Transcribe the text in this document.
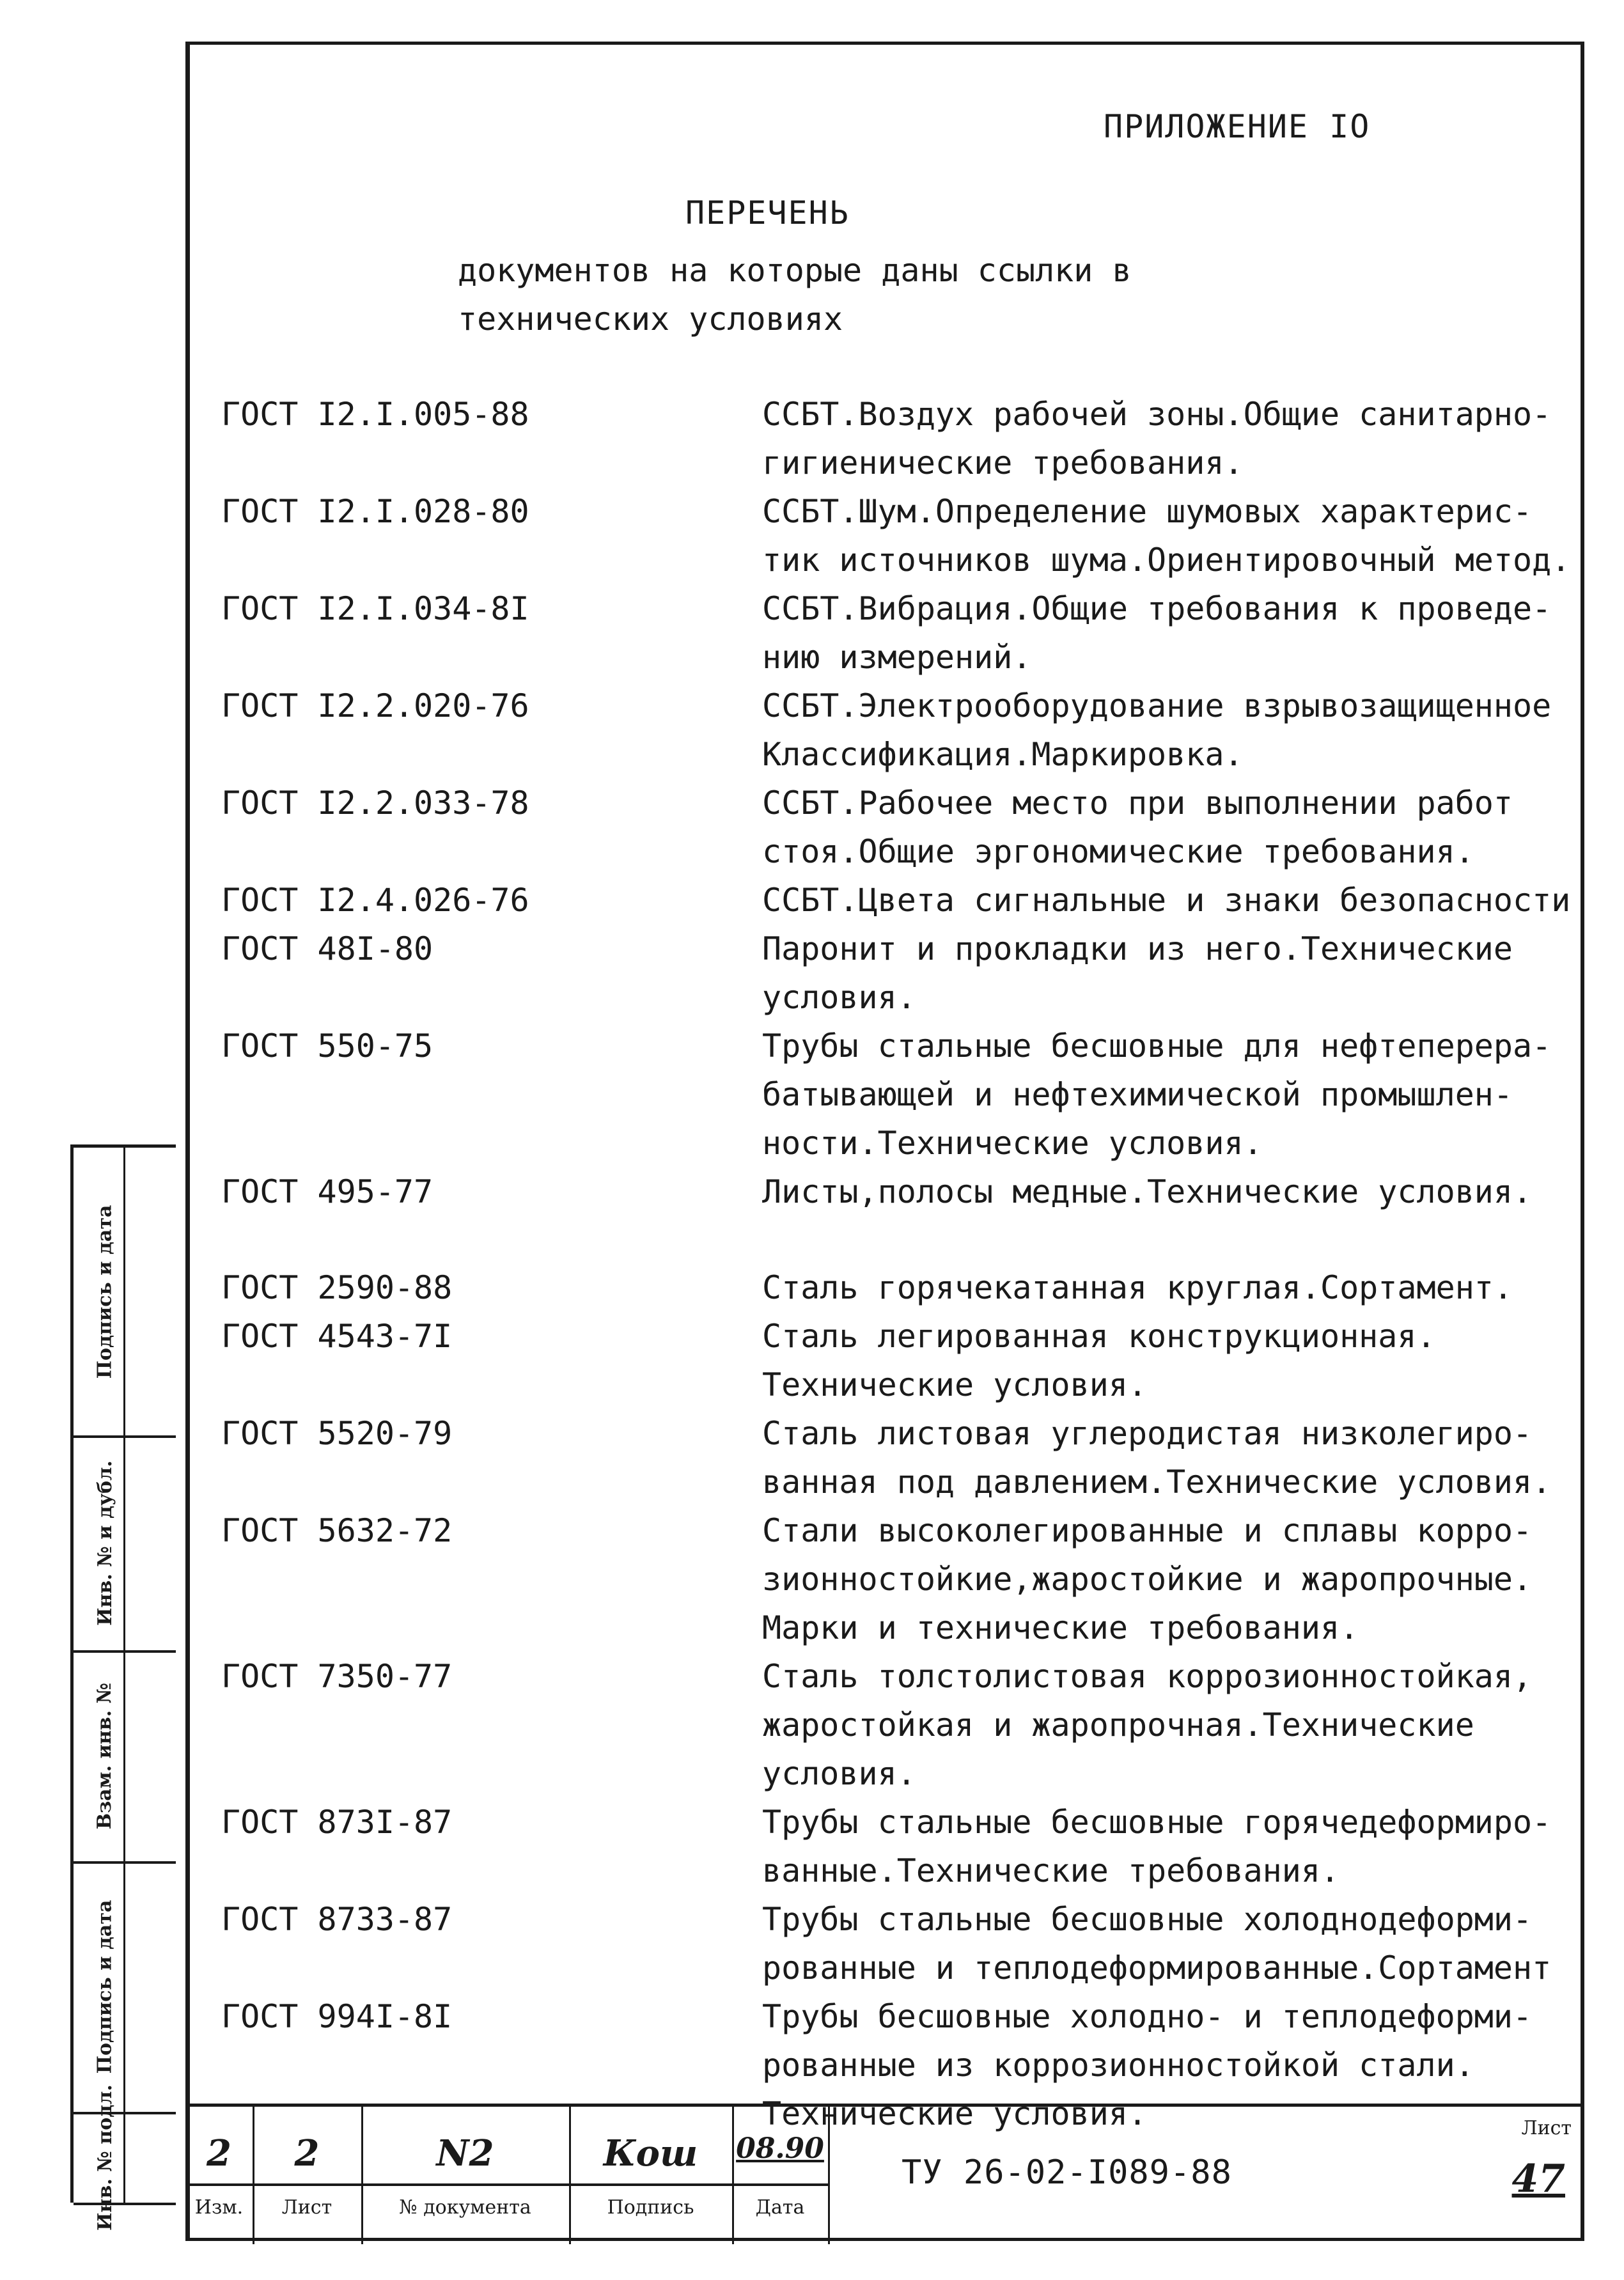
ПРИЛОЖЕНИЕ IO
ПЕРЕЧЕНЬ
документов на которые даны ссылки в
технических условиях
ГОСТ I2.I.005-88	ССБТ.Воздух рабочей зоны.Общие санитарно-
гигиенические требования.
ГОСТ I2.I.028-80	ССБТ.Шум.Определение шумовых характерис-
тик источников шума.Ориентировочный метод.
ГОСТ I2.I.034-8I	ССБТ.Вибрация.Общие требования к проведе-
нию измерений.
ГОСТ I2.2.020-76	ССБТ.Электрооборудование взрывозащищенное
Классификация.Маркировка.
ГОСТ I2.2.033-78	ССБТ.Рабочее место при выполнении работ
стоя.Общие эргономические требования.
ГОСТ I2.4.026-76	ССБТ.Цвета сигнальные и знаки безопасности
ГОСТ 48I-80	Паронит и прокладки из него.Технические
условия.
ГОСТ 550-75	Трубы стальные бесшовные для нефтеперера-
батывающей и нефтехимической промышлен-
ности.Технические условия.
ГОСТ 495-77	Листы,полосы медные.Технические условия.
ГОСТ 2590-88	Сталь горячекатанная круглая.Сортамент.
ГОСТ 4543-7I	Сталь легированная конструкционная.
Технические условия.
ГОСТ 5520-79	Сталь листовая углеродистая низколегиро-
ванная под давлением.Технические условия.
ГОСТ 5632-72	Стали высоколегированные и сплавы корро-
зионностойкие,жаростойкие и жаропрочные.
Марки и технические требования.
ГОСТ 7350-77	Сталь толстолистовая коррозионностойкая,
жаростойкая и жаропрочная.Технические
условия.
ГОСТ 873I-87	Трубы стальные бесшовные горячедеформиро-
ванные.Технические требования.
ГОСТ 8733-87	Трубы стальные бесшовные холоднодеформи-
рованные и теплодеформированные.Сортамент
ГОСТ 994I-8I	Трубы бесшовные холодно- и теплодеформи-
рованные из коррозионностойкой стали.
Технические условия.
Подпись и дата
Инв. № и дубл.
Взам. инв. №
Подпись и дата
Инв. № подл.	2	2	N2	Кош	08.90
Изм.	Лист	№ документа	Подпись	Дата
ТУ 26-02-I089-88
Лист
47
